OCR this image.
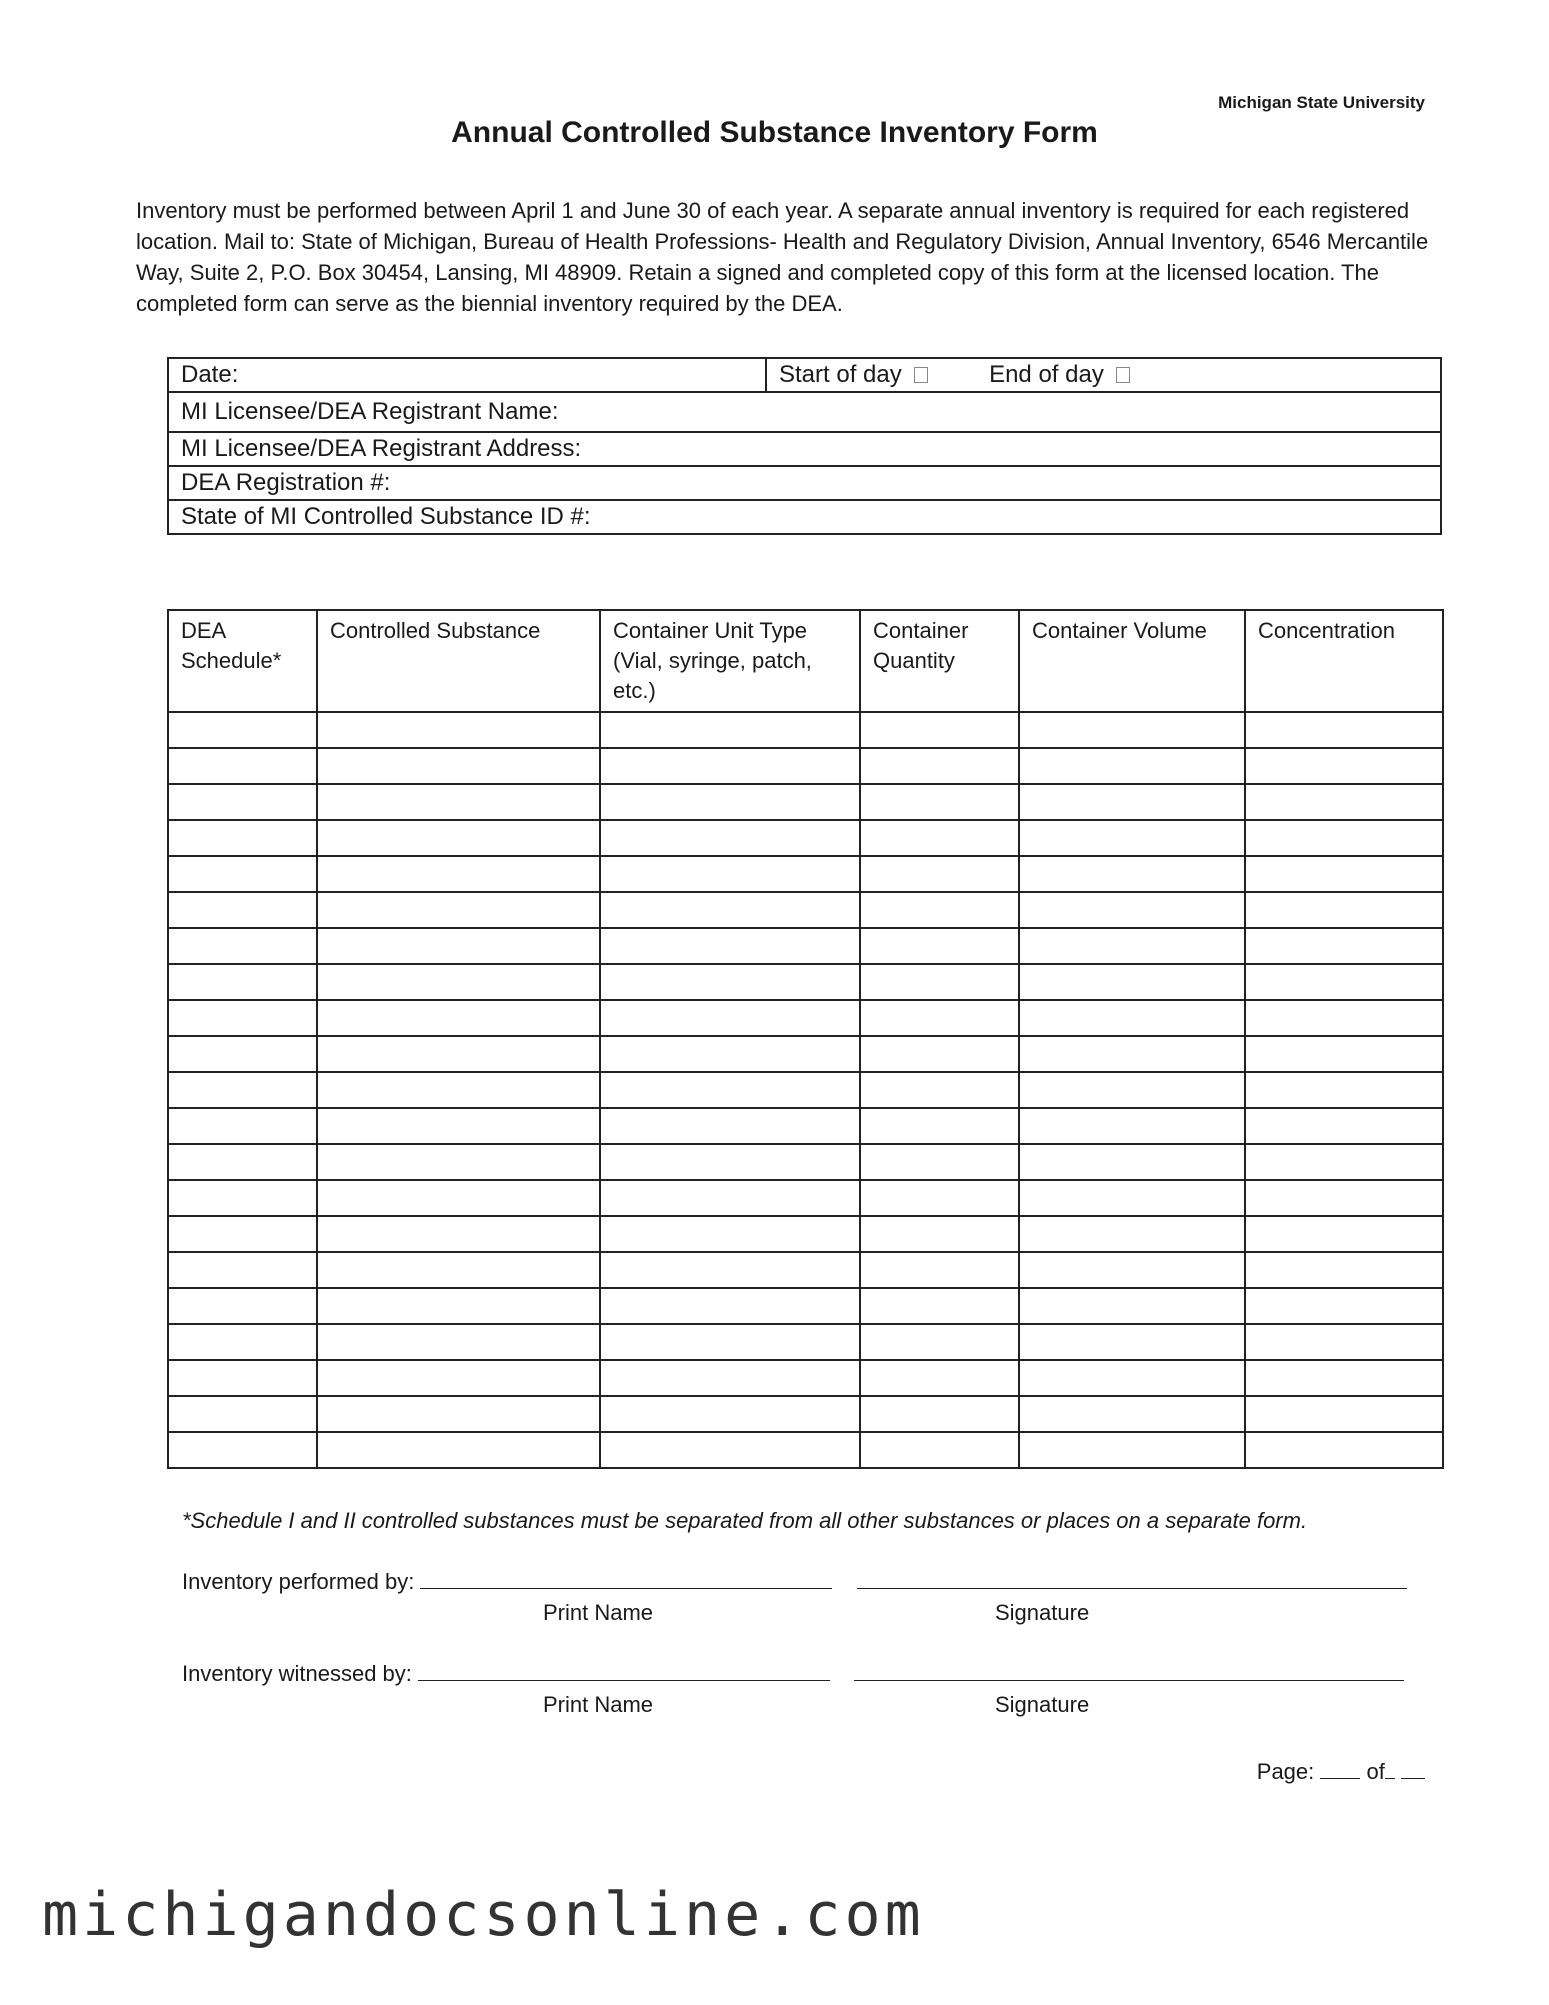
Michigan State University
Annual Controlled Substance Inventory Form

Inventory must be performed between April 1 and June 30 of each year. A separate annual inventory is required for each registered location. Mail to: State of Michigan, Bureau of Health Professions- Health and Regulatory Division, Annual Inventory, 6546 Mercantile Way, Suite 2, P.O. Box 30454, Lansing, MI 48909. Retain a signed and completed copy of this form at the licensed location. The completed form can serve as the biennial inventory required by the DEA.

Date:	Start of day	End of day
MI Licensee/DEA Registrant Name:
MI Licensee/DEA Registrant Address:
DEA Registration #:
State of MI Controlled Substance ID #:
DEA Schedule*	Controlled Substance	Container Unit Type (Vial, syringe, patch, etc.)	Container Quantity	Container Volume	Concentration

*Schedule I and II controlled substances must be separated from all other substances or places on a separate form.
Inventory performed by:
Print Name	Signature
Inventory witnessed by:
Print Name	Signature
Page: of
michigandocsonline.com
